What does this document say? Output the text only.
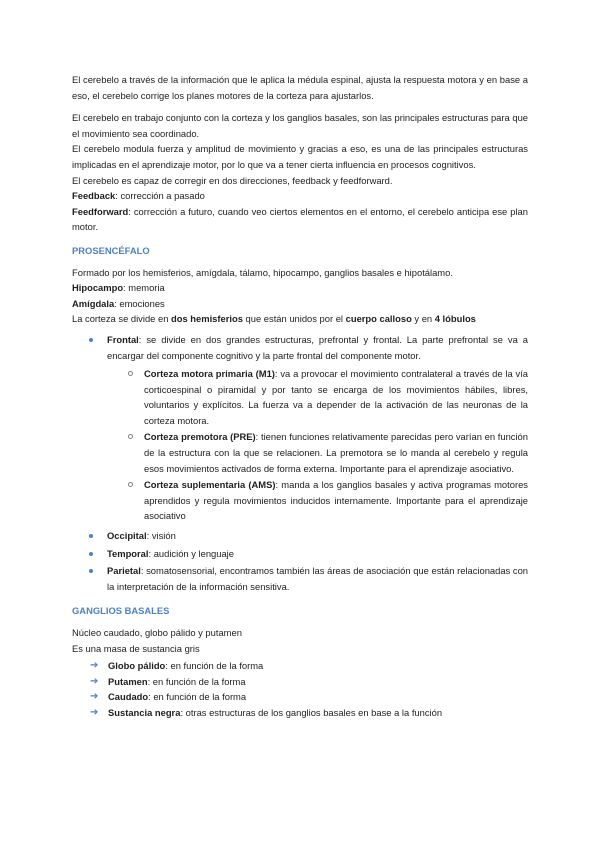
El cerebelo a través de la información que le aplica la médula espinal, ajusta la respuesta motora y en base a eso, el cerebelo corrige los planes motores de la corteza para ajustarlos.

El cerebelo en trabajo conjunto con la corteza y los ganglios basales, son las principales estructuras para que el movimiento sea coordinado.

El cerebelo modula fuerza y amplitud de movimiento y gracias a eso, es una de las principales estructuras implicadas en el aprendizaje motor, por lo que va a tener cierta influencia en procesos cognitivos.

El cerebelo es capaz de corregir en dos direcciones, feedback y feedforward.

Feedback: corrección a pasado

Feedforward: corrección a futuro, cuando veo ciertos elementos en el entorno, el cerebelo anticipa ese plan motor.

PROSENCÉFALO

Formado por los hemisferios, amígdala, tálamo, hipocampo, ganglios basales e hipotálamo.

Hipocampo: memoria

Amígdala: emociones

La corteza se divide en dos hemisferios que están unidos por el cuerpo calloso y en 4 lóbulos

Frontal: se divide en dos grandes estructuras, prefrontal y frontal. La parte prefrontal se va a encargar del componente cognitivo y la parte frontal del componente motor.
Corteza motora primaria (M1): va a provocar el movimiento contralateral a través de la vía corticoespinal o piramidal y por tanto se encarga de los movimientos hábiles, libres, voluntarios y explícitos. La fuerza va a depender de la activación de las neuronas de la corteza motora.
Corteza premotora (PRE): tienen funciones relativamente parecidas pero varían en función de la estructura con la que se relacionen. La premotora se lo manda al cerebelo y regula esos movimientos activados de forma externa. Importante para el aprendizaje asociativo.
Corteza suplementaria (AMS): manda a los ganglios basales y activa programas motores aprendidos y regula movimientos inducidos internamente. Importante para el aprendizaje asociativo
Occipital: visión
Temporal: audición y lenguaje
Parietal: somatosensorial, encontramos también las áreas de asociación que están relacionadas con la interpretación de la información sensitiva.
GANGLIOS BASALES

Núcleo caudado, globo pálido y putamen

Es una masa de sustancia gris

➔ Globo pálido: en función de la forma
➔ Putamen: en función de la forma
➔ Caudado: en función de la forma
➔ Sustancia negra: otras estructuras de los ganglios basales en base a la función
